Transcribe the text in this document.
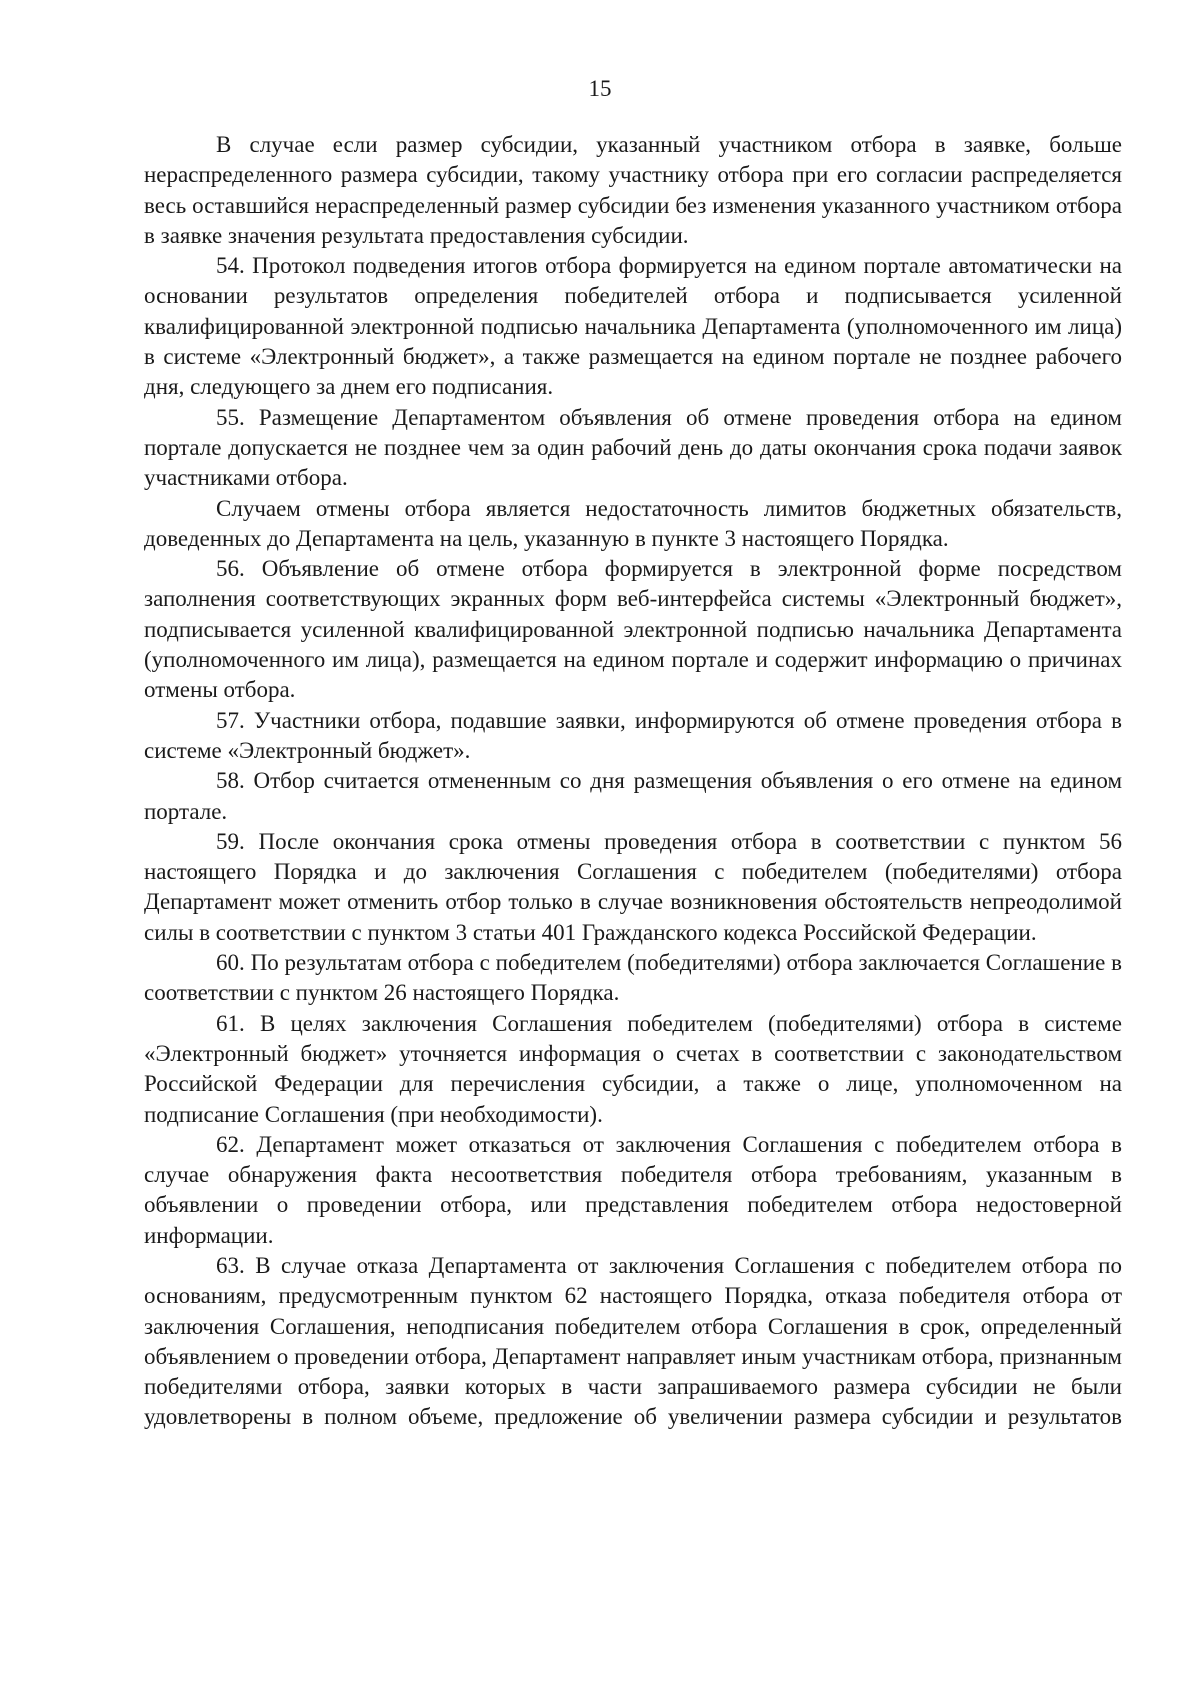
15

В случае если размер субсидии, указанный участником отбора в заявке, больше нераспределенного размера субсидии, такому участнику отбора при его согласии распределяется весь оставшийся нераспределенный размер субсидии без изменения указанного участником отбора в заявке значения результата предоставления субсидии.

54. Протокол подведения итогов отбора формируется на едином портале автоматически на основании результатов определения победителей отбора и подписывается усиленной квалифицированной электронной подписью начальника Департамента (уполномоченного им лица) в системе «Электронный бюджет», а также размещается на едином портале не позднее рабочего дня, следующего за днем его подписания.

55. Размещение Департаментом объявления об отмене проведения отбора на едином портале допускается не позднее чем за один рабочий день до даты окончания срока подачи заявок участниками отбора.

Случаем отмены отбора является недостаточность лимитов бюджетных обязательств, доведенных до Департамента на цель, указанную в пункте 3 настоящего Порядка.

56. Объявление об отмене отбора формируется в электронной форме посредством заполнения соответствующих экранных форм веб-интерфейса системы «Электронный бюджет», подписывается усиленной квалифицированной электронной подписью начальника Департамента (уполномоченного им лица), размещается на едином портале и содержит информацию о причинах отмены отбора.

57. Участники отбора, подавшие заявки, информируются об отмене проведения отбора в системе «Электронный бюджет».

58. Отбор считается отмененным со дня размещения объявления о его отмене на едином портале.

59. После окончания срока отмены проведения отбора в соответствии с пунктом 56 настоящего Порядка и до заключения Соглашения с победителем (победителями) отбора Департамент может отменить отбор только в случае возникновения обстоятельств непреодолимой силы в соответствии с пунктом 3 статьи 401 Гражданского кодекса Российской Федерации.

60. По результатам отбора с победителем (победителями) отбора заключается Соглашение в соответствии с пунктом 26 настоящего Порядка.

61. В целях заключения Соглашения победителем (победителями) отбора в системе «Электронный бюджет» уточняется информация о счетах в соответствии с законодательством Российской Федерации для перечисления субсидии, а также о лице, уполномоченном на подписание Соглашения (при необходимости).

62. Департамент может отказаться от заключения Соглашения с победителем отбора в случае обнаружения факта несоответствия победителя отбора требованиям, указанным в объявлении о проведении отбора, или представления победителем отбора недостоверной информации.

63. В случае отказа Департамента от заключения Соглашения с победителем отбора по основаниям, предусмотренным пунктом 62 настоящего Порядка, отказа победителя отбора от заключения Соглашения, неподписания победителем отбора Соглашения в срок, определенный объявлением о проведении отбора, Департамент направляет иным участникам отбора, признанным победителями отбора, заявки которых в части запрашиваемого размера субсидии не были удовлетворены в полном объеме, предложение об увеличении размера субсидии и результатов
